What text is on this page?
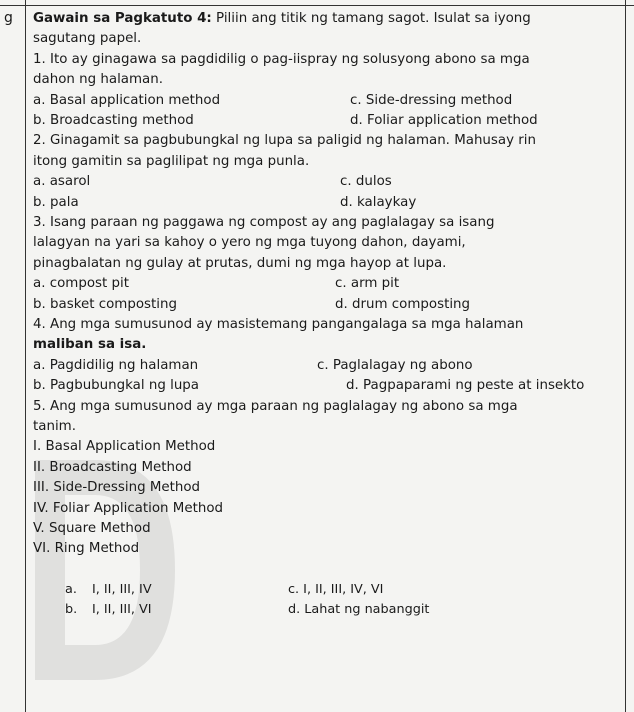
g Gawain sa Pagkatuto 4: Piliin ang titik ng tamang sagot. Isulat sa iyong
sagutang papel.
1. Ito ay ginagawa sa pagdidilig o pag-iispray ng solusyong abono sa mga
dahon ng halaman.
a. Basal application method	c. Side-dressing method
b. Broadcasting method	d. Foliar application method
2. Ginagamit sa pagbubungkal ng lupa sa paligid ng halaman. Mahusay rin
itong gamitin sa paglilipat ng mga punla.
a. asarol	c. dulos
b. pala	d. kalaykay
3. Isang paraan ng paggawa ng compost ay ang paglalagay sa isang
lalagyan na yari sa kahoy o yero ng mga tuyong dahon, dayami,
pinagbalatan ng gulay at prutas, dumi ng mga hayop at lupa.
a. compost pit	c. arm pit
b. basket composting	d. drum composting
4. Ang mga sumusunod ay masistemang pangangalaga sa mga halaman
maliban sa isa.
a. Pagdidilig ng halaman	c. Paglalagay ng abono
b. Pagbubungkal ng lupa	d. Pagpaparami ng peste at insekto
5. Ang mga sumusunod ay mga paraan ng paglalagay ng abono sa mga
tanim.
I. Basal Application Method
II. Broadcasting Method
III. Side-Dressing Method
IV. Foliar Application Method
V. Square Method
VI. Ring Method
a. I, II, III, IV	c. I, II, III, IV, VI
b. I, II, III, VI	d. Lahat ng nabanggit
